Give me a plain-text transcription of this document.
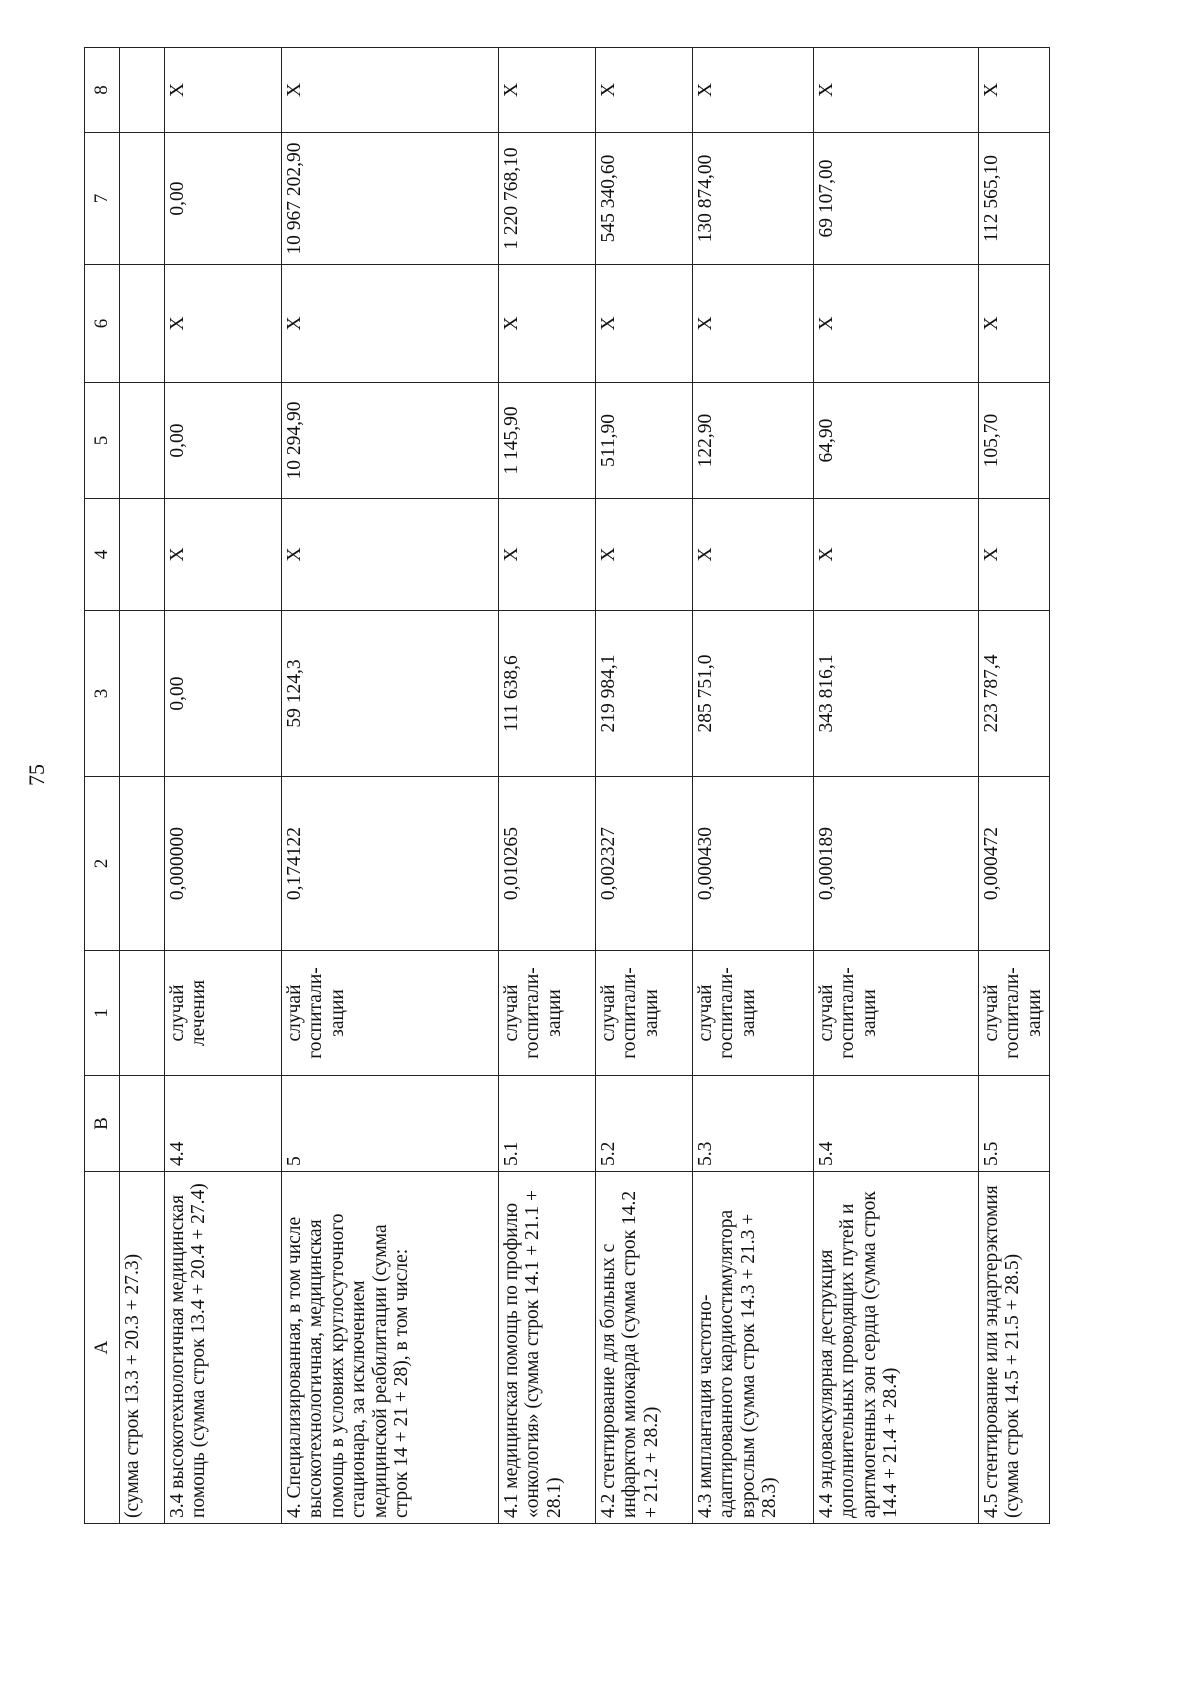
75
A	B	1	2	3	4	5	6	7	8
(сумма строк 13.3 + 20.3 + 27.3)									
3.4 высокотехнологичная медицинская помощь (сумма строк 13.4 + 20.4 + 27.4)	4.4	случай лечения	0,000000	0,00	X	0,00	X	0,00	X
4. Специализированная, в том числе высокотехнологичная, медицинская помощь в условиях круглосуточного стационара, за исключением медицинской реабилитации (сумма строк 14 + 21 + 28), в том числе:	5	случай госпитали-зации	0,174122	59 124,3	X	10 294,90	X	10 967 202,90	X
4.1 медицинская помощь по профилю «онкология» (сумма строк 14.1 + 21.1 + 28.1)	5.1	случай госпитали-зации	0,010265	111 638,6	X	1 145,90	X	1 220 768,10	X
4.2 стентирование для больных с инфарктом миокарда (сумма строк 14.2 + 21.2 + 28.2)	5.2	случай госпитали-зации	0,002327	219 984,1	X	511,90	X	545 340,60	X
4.3 имплантация частотно-адаптированного кардиостимулятора взрослым (сумма строк 14.3 + 21.3 + 28.3)	5.3	случай госпитали-зации	0,000430	285 751,0	X	122,90	X	130 874,00	X
4.4 эндоваскулярная деструкция дополнительных проводящих путей и аритмогенных зон сердца (сумма строк 14.4 + 21.4 + 28.4)	5.4	случай госпитали-зации	0,000189	343 816,1	X	64,90	X	69 107,00	X
4.5 стентирование или эндартерэктомия (сумма строк 14.5 + 21.5 + 28.5)	5.5	случай госпитали-зации	0,000472	223 787,4	X	105,70	X	112 565,10	X
